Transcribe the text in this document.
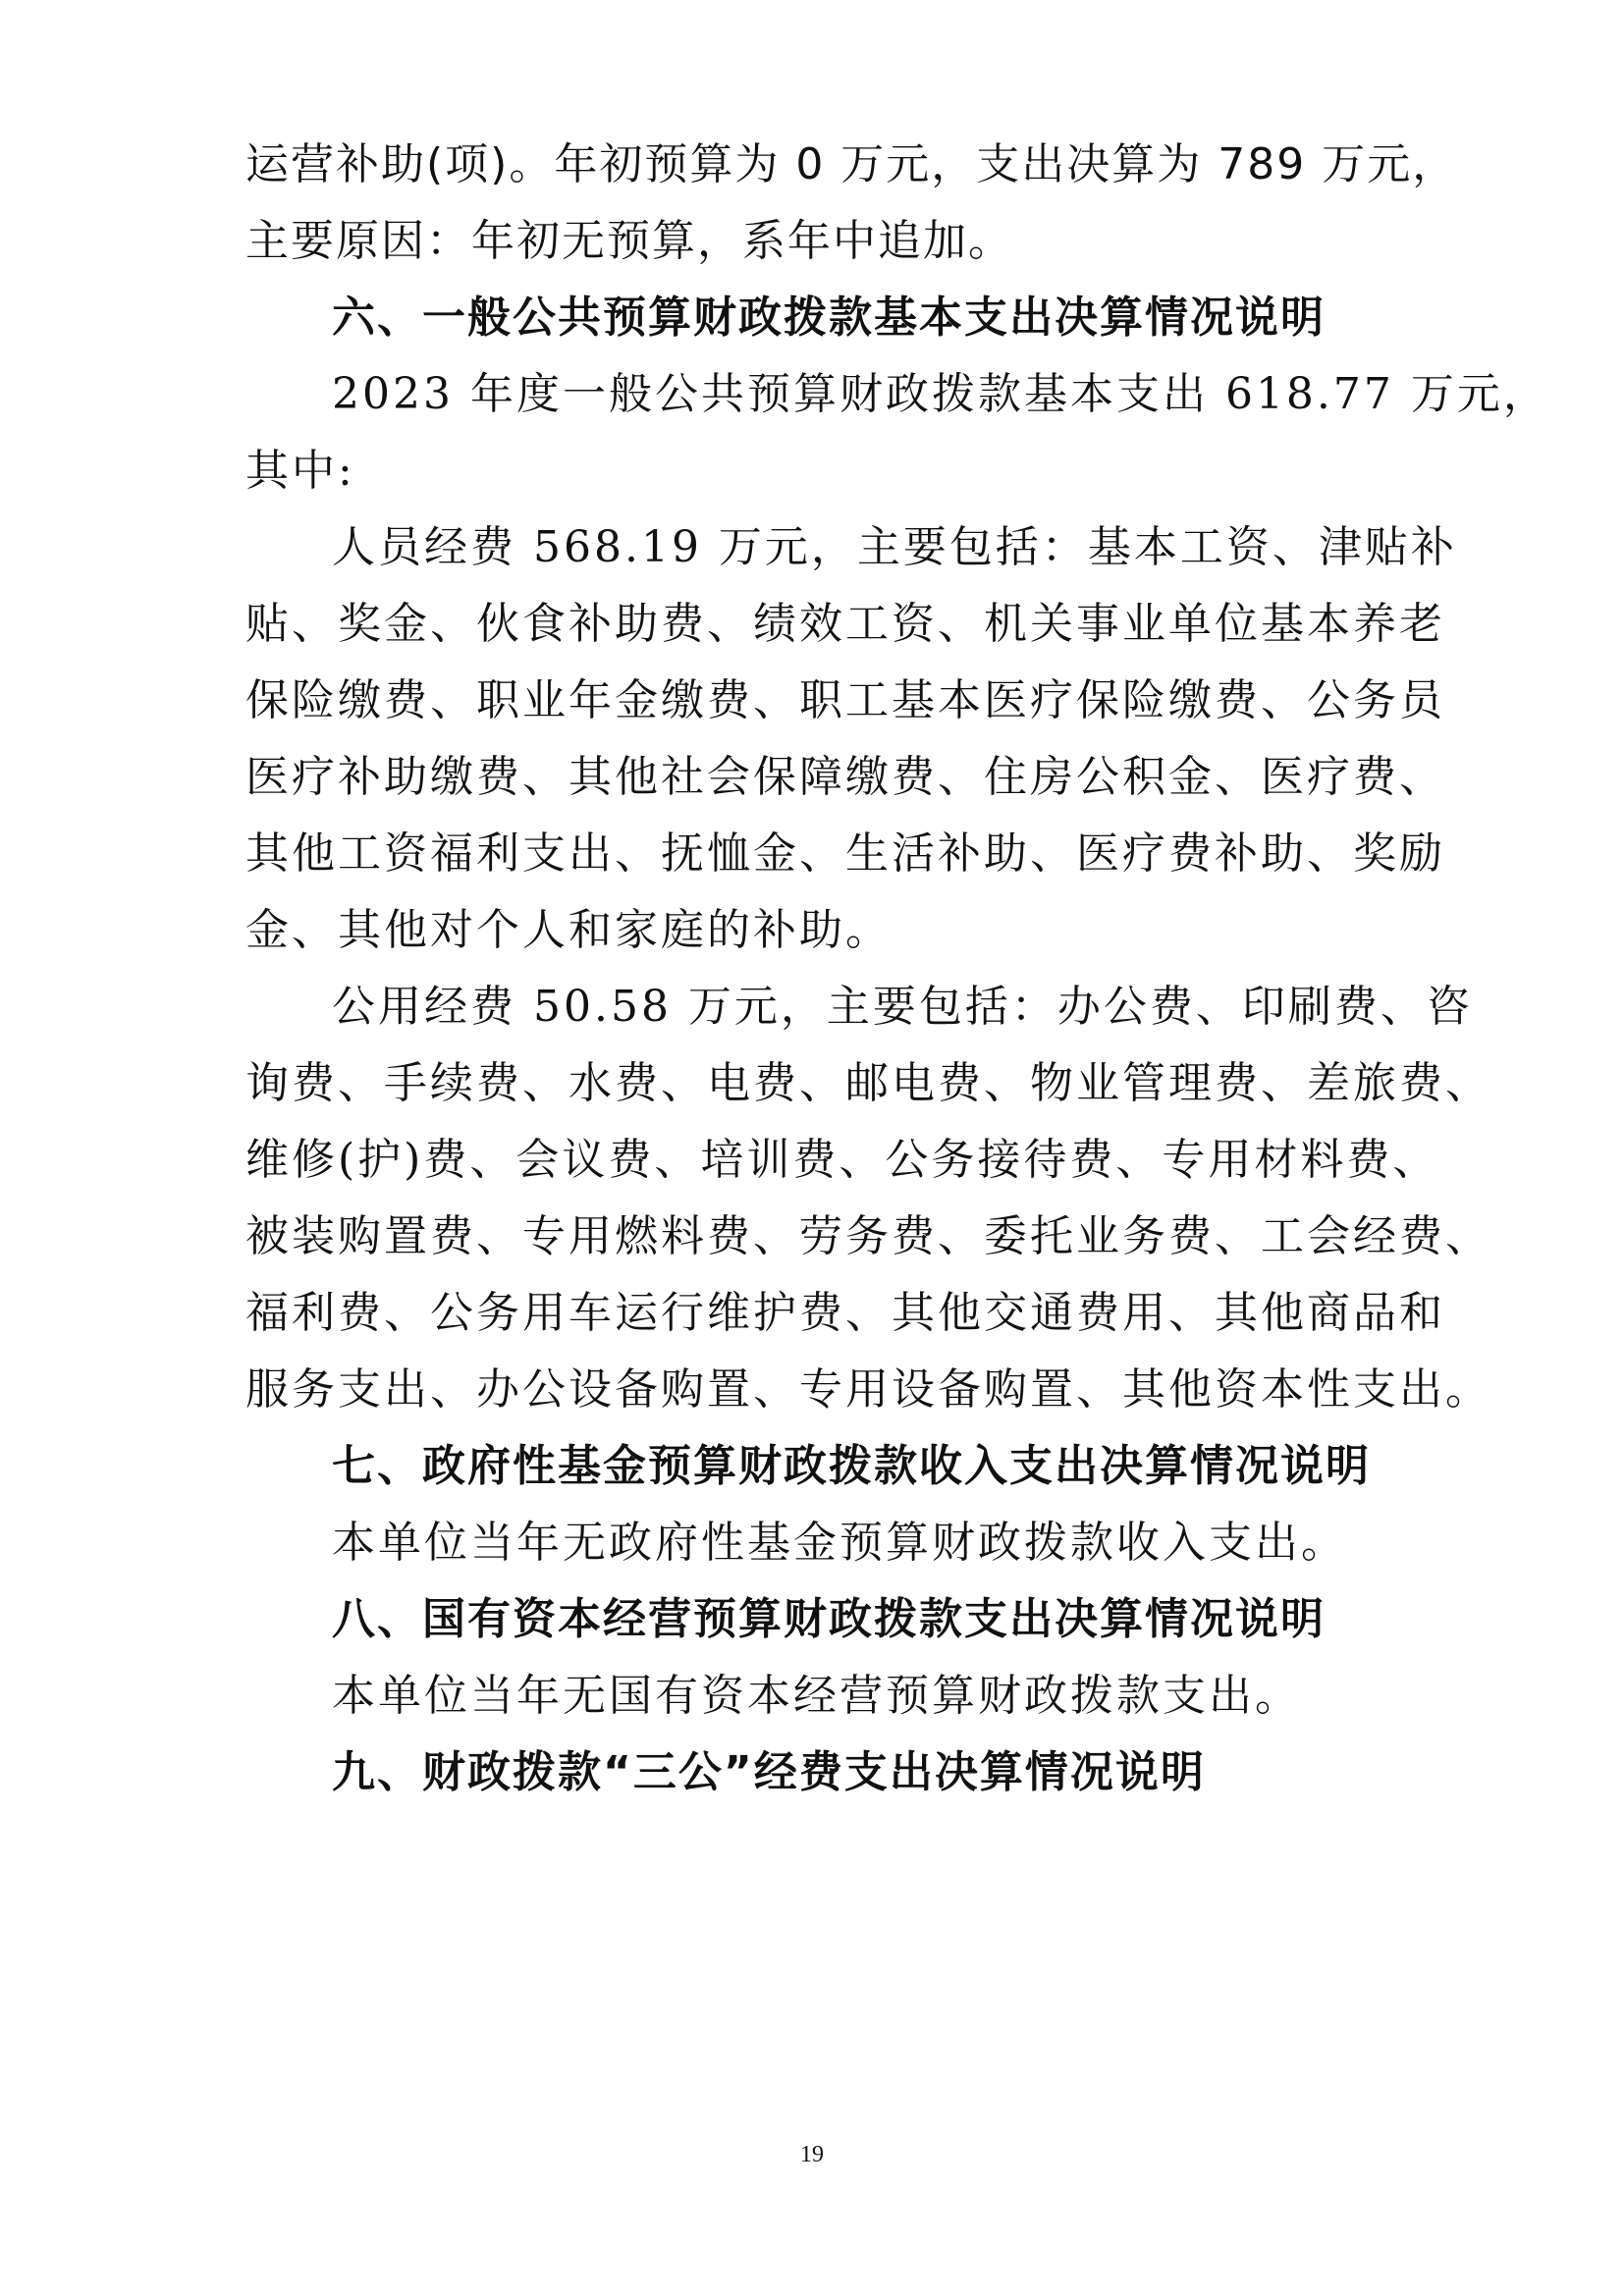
运营补助(项)。年初预算为 0 万元，支出决算为 789 万元，
主要原因：年初无预算，系年中追加。
六、一般公共预算财政拨款基本支出决算情况说明
2023 年度一般公共预算财政拨款基本支出 618.77 万元，
其中:
人员经费 568.19 万元，主要包括：基本工资、津贴补
贴、奖金、伙食补助费、绩效工资、机关事业单位基本养老
保险缴费、职业年金缴费、职工基本医疗保险缴费、公务员
医疗补助缴费、其他社会保障缴费、住房公积金、医疗费、
其他工资福利支出、抚恤金、生活补助、医疗费补助、奖励
金、其他对个人和家庭的补助。
公用经费 50.58 万元，主要包括：办公费、印刷费、咨
询费、手续费、水费、电费、邮电费、物业管理费、差旅费、
维修(护)费、会议费、培训费、公务接待费、专用材料费、
被装购置费、专用燃料费、劳务费、委托业务费、工会经费、
福利费、公务用车运行维护费、其他交通费用、其他商品和
服务支出、办公设备购置、专用设备购置、其他资本性支出。
七、政府性基金预算财政拨款收入支出决算情况说明
本单位当年无政府性基金预算财政拨款收入支出。
八、国有资本经营预算财政拨款支出决算情况说明
本单位当年无国有资本经营预算财政拨款支出。
九、财政拨款“三公”经费支出决算情况说明
19
